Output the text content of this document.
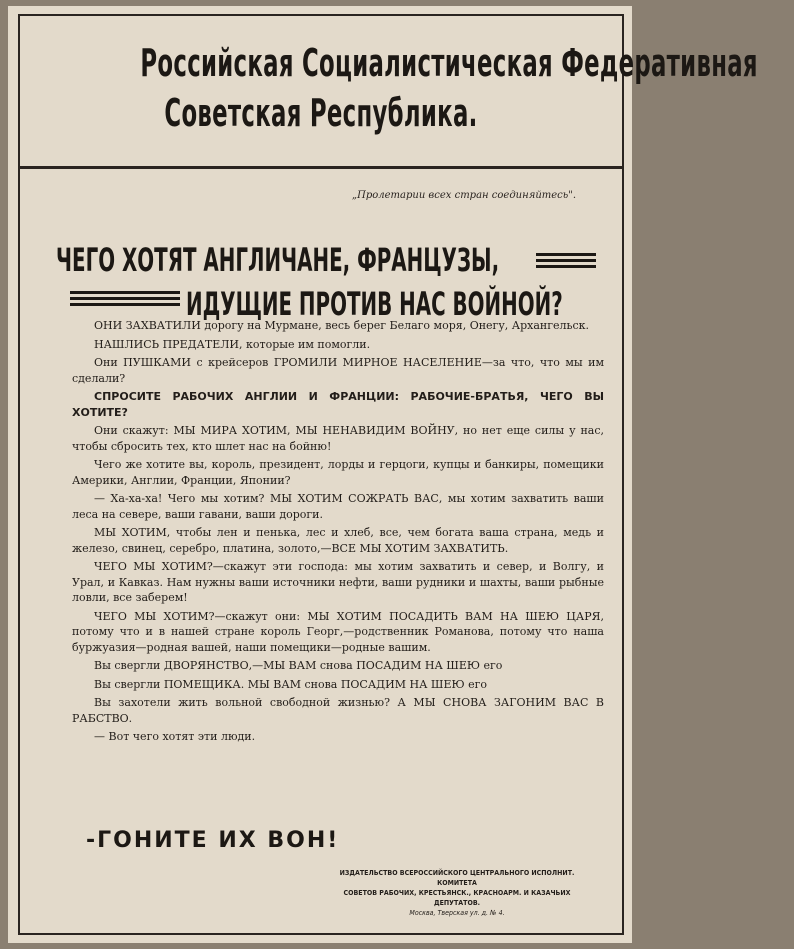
Российская Социалистическая Федеративная
Советская Республика.
„Пролетарии всех стран соединяйтесь".
ЧЕГО ХОТЯТ АНГЛИЧАНЕ, ФРАНЦУЗЫ,
ИДУЩИЕ ПРОТИВ НАС ВОЙНОЙ?

ОНИ ЗАХВАТИЛИ дорогу на Мурмане, весь берег Белаго моря, Онегу, Архангельск.

НАШЛИСЬ ПРЕДАТЕЛИ, которые им помогли.

Они ПУШКАМИ с крейсеров ГРОМИЛИ МИРНОЕ НАСЕЛЕНИЕ—за что, что мы им сделали?

СПРОСИТЕ РАБОЧИХ АНГЛИИ И ФРАНЦИИ: РАБОЧИЕ-БРАТЬЯ, ЧЕГО ВЫ ХОТИТЕ?

Они скажут: МЫ МИРА ХОТИМ, МЫ НЕНАВИДИМ ВОЙНУ, но нет еще силы у нас, чтобы сбросить тех, кто шлет нас на бойню!

Чего же хотите вы, король, президент, лорды и герцоги, купцы и банкиры, помещики Америки, Англии, Франции, Японии?

— Ха-ха-ха! Чего мы хотим? МЫ ХОТИМ СОЖРАТЬ ВАС, мы хотим захватить ваши леса на севере, ваши гавани, ваши дороги.

МЫ ХОТИМ, чтобы лен и пенька, лес и хлеб, все, чем богата ваша страна, медь и железо, свинец, серебро, платина, золото,—ВСЕ МЫ ХОТИМ ЗАХВАТИТЬ.

ЧЕГО МЫ ХОТИМ?—скажут эти господа: мы хотим захватить и север, и Волгу, и Урал, и Кавказ. Нам нужны ваши источники нефти, ваши рудники и шахты, ваши рыбные ловли, все заберем!

ЧЕГО МЫ ХОТИМ?—скажут они: МЫ ХОТИМ ПОСАДИТЬ ВАМ НА ШЕЮ ЦАРЯ, потому что и в нашей стране король Георг,—родственник Романова, потому что наша буржуазия—родная вашей, наши помещики—родные вашим.

Вы свергли ДВОРЯНСТВО,—МЫ ВАМ снова ПОСАДИМ НА ШЕЮ его

Вы свергли ПОМЕЩИКА. МЫ ВАМ снова ПОСАДИМ НА ШЕЮ его

Вы захотели жить вольной свободной жизнью? А МЫ СНОВА ЗАГОНИМ ВАС В РАБСТВО.

— Вот чего хотят эти люди.

-ГОНИТЕ ИХ ВОН!
ИЗДАТЕЛЬСТВО ВСЕРОССИЙСКОГО ЦЕНТРАЛЬНОГО ИСПОЛНИТ. КОМИТЕТА
СОВЕТОВ РАБОЧИХ, КРЕСТЬЯНСК., КРАСНОАРМ. И КАЗАЧЬИХ ДЕПУТАТОВ.
Москва, Тверская ул. д. № 4.
